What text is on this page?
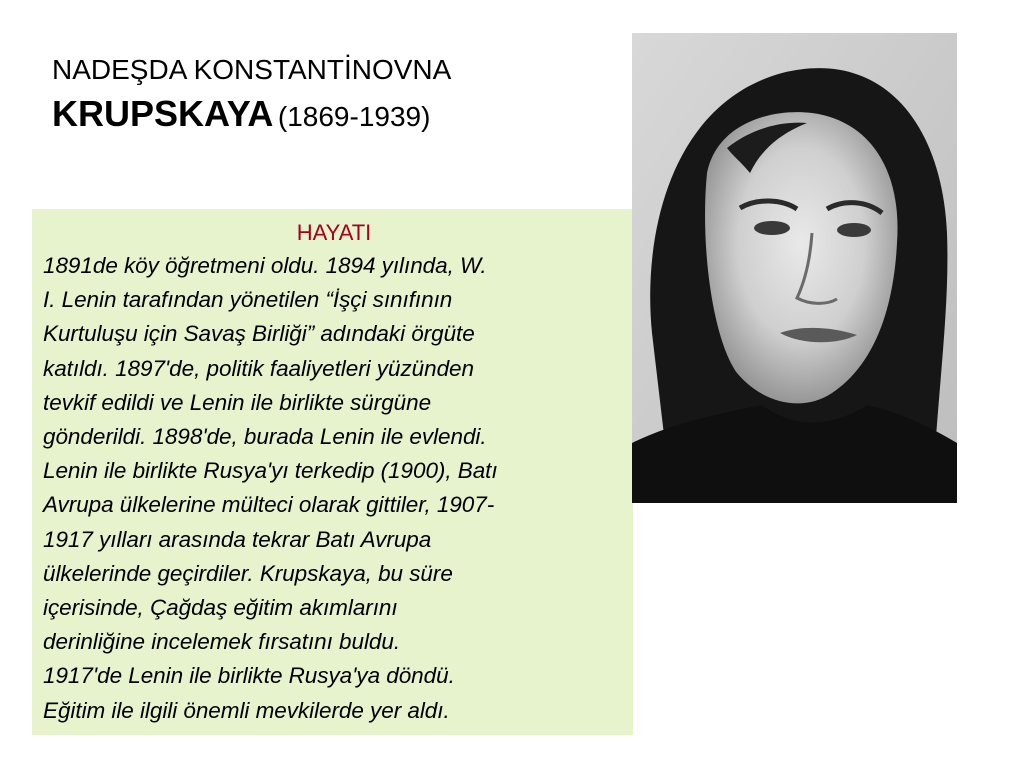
NADEŞDA KONSTANTİNOVNA
KRUPSKAYA (1869-1939)
HAYATI

1891de köy öğretmeni oldu. 1894 yılında, W.
I. Lenin tarafından yönetilen “İşçi sınıfının
Kurtuluşu için Savaş Birliği” adındaki örgüte
katıldı. 1897'de, politik faaliyetleri yüzünden
tevkif edildi ve Lenin ile birlikte sürgüne
gönderildi. 1898'de, burada Lenin ile evlendi.
Lenin ile birlikte Rusya'yı terkedip (1900), Batı
Avrupa ülkelerine mülteci olarak gittiler, 1907-
1917 yılları arasında tekrar Batı Avrupa
ülkelerinde geçirdiler. Krupskaya, bu süre
içerisinde, Çağdaş eğitim akımlarını
derinliğine incelemek fırsatını buldu.
1917'de Lenin ile birlikte Rusya'ya döndü.
Eğitim ile ilgili önemli mevkilerde yer aldı.
